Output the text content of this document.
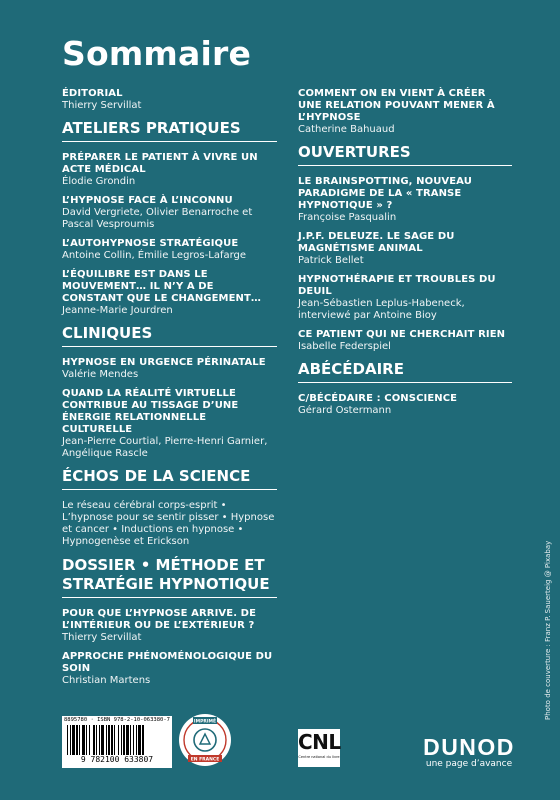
Sommaire
ÉDITORIAL
Thierry Servillat
ATELIERS PRATIQUES
PRÉPARER LE PATIENT À VIVRE UN ACTE MÉDICAL
Élodie Grondin
L’HYPNOSE FACE À L’INCONNU
David Vergriete, Olivier Benarroche et Pascal Vesproumis
L’AUTOHYPNOSE STRATÉGIQUE
Antoine Collin, Émilie Legros-Lafarge
L’ÉQUILIBRE EST DANS LE MOUVEMENT… IL N’Y A DE CONSTANT QUE LE CHANGEMENT…
Jeanne-Marie Jourdren
CLINIQUES
HYPNOSE EN URGENCE PÉRINATALE
Valérie Mendes
QUAND LA RÉALITÉ VIRTUELLE CONTRIBUE AU TISSAGE D’UNE ÉNERGIE RELATIONNELLE CULTURELLE
Jean-Pierre Courtial, Pierre-Henri Garnier, Angélique Rascle
ÉCHOS DE LA SCIENCE
Le réseau cérébral corps-esprit • L’hypnose pour se sentir pisser • Hypnose et cancer • Inductions en hypnose • Hypnogenèse et Erickson
DOSSIER • MÉTHODE ET STRATÉGIE HYPNOTIQUE
POUR QUE L’HYPNOSE ARRIVE. DE L’INTÉRIEUR OU DE L’EXTÉRIEUR ?
Thierry Servillat
APPROCHE PHÉNOMÉNOLOGIQUE DU SOIN
Christian Martens
COMMENT ON EN VIENT À CRÉER UNE RELATION POUVANT MENER À L’HYPNOSE
Catherine Bahuaud
OUVERTURES
LE BRAINSPOTTING, NOUVEAU PARADIGME DE LA « TRANSE HYPNOTIQUE » ?
Françoise Pasqualin
J.P.F. DELEUZE. LE SAGE DU MAGNÉTISME ANIMAL
Patrick Bellet
HYPNOTHÉRAPIE ET TROUBLES DU DEUIL
Jean-Sébastien Leplus-Habeneck, interviewé par Antoine Bioy
CE PATIENT QUI NE CHERCHAIT RIEN
Isabelle Federspiel
ABÉCÉDAIRE
C/BÉCÉDAIRE : CONSCIENCE
Gérard Ostermann
Photo de couverture : Franz P. Sauerteig @ Pixabay
8895780 · ISBN 978-2-10-063380-7
9 782100 633807
IMPRIMÉ
EN FRANCE
CNL
Centre national du livre	DUNOD
une page d’avance
